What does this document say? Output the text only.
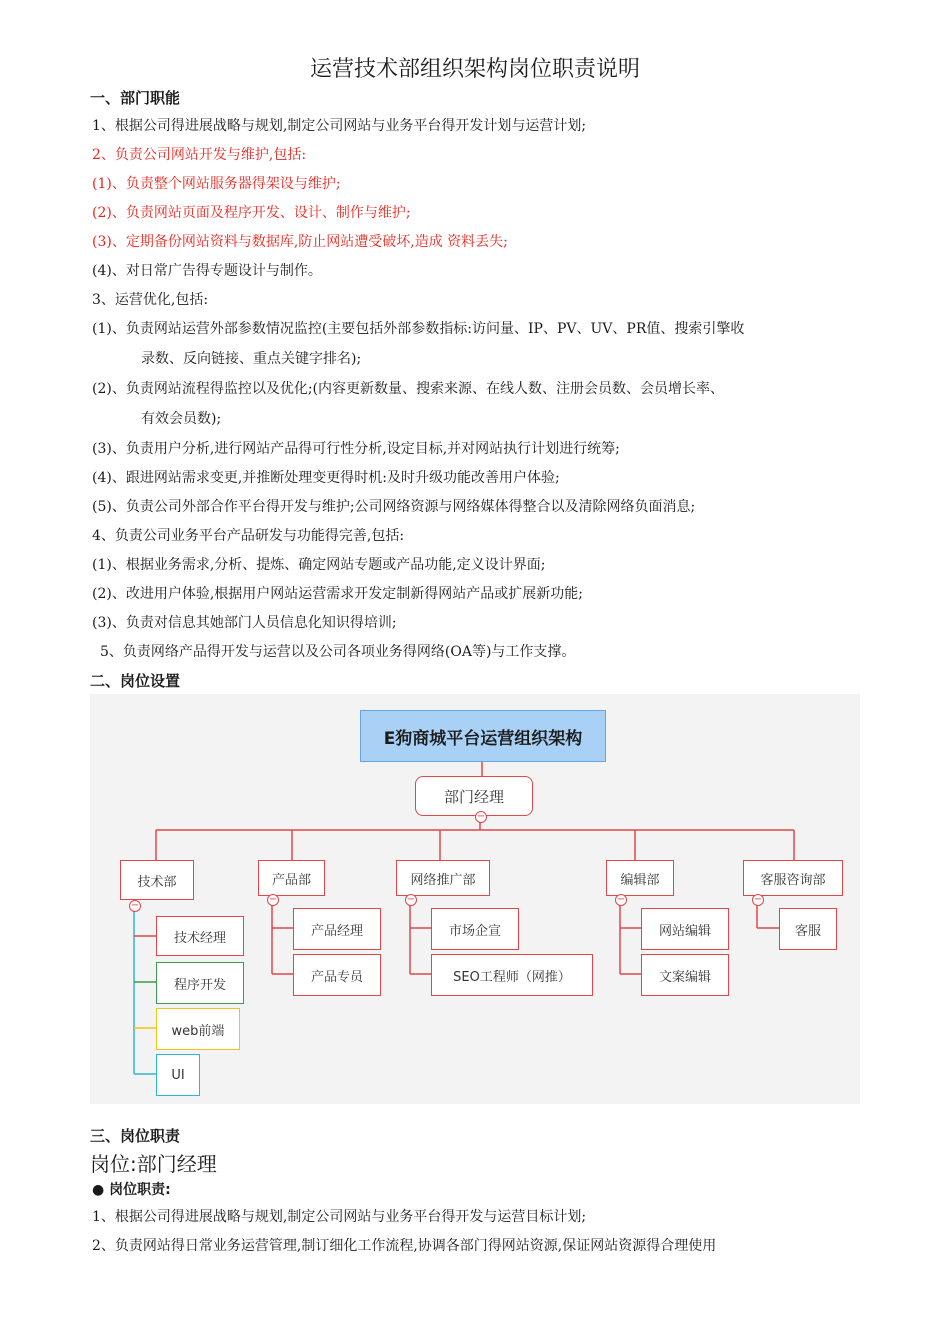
运营技术部组织架构岗位职责说明
一、部门职能
1、根据公司得进展战略与规划,制定公司网站与业务平台得开发计划与运营计划;
2、负责公司网站开发与维护,包括:
(1)、负责整个网站服务器得架设与维护;
(2)、负责网站页面及程序开发、设计、制作与维护;
(3)、定期备份网站资料与数据库,防止网站遭受破坏,造成 资料丢失;
(4)、对日常广告得专题设计与制作。
3、运营优化,包括:
(1)、负责网站运营外部参数情况监控(主要包括外部参数指标:访问量、IP、PV、UV、PR值、搜索引擎收
录数、反向链接、重点关键字排名);
(2)、负责网站流程得监控以及优化;(内容更新数量、搜索来源、在线人数、注册会员数、会员增长率、
有效会员数);
(3)、负责用户分析,进行网站产品得可行性分析,设定目标,并对网站执行计划进行统筹;
(4)、跟进网站需求变更,并推断处理变更得时机:及时升级功能改善用户体验;
(5)、负责公司外部合作平台得开发与维护;公司网络资源与网络媒体得整合以及清除网络负面消息;
4、负责公司业务平台产品研发与功能得完善,包括:
(1)、根据业务需求,分析、提炼、确定网站专题或产品功能,定义设计界面;
(2)、改进用户体验,根据用户网站运营需求开发定制新得网站产品或扩展新功能;
(3)、负责对信息其她部门人员信息化知识得培训;
5、负责网络产品得开发与运营以及公司各项业务得网络(OA等)与工作支撑。
二、岗位设置
E狗商城平台运营组织架构
部门经理
−
技术部	产品部	网络推广部	编辑部	客服咨询部
−
−	−	−	−
技术经理
程序开发
web前端
UI
产品经理
产品专员
市场企宣
SEO工程师（网推）
网站编辑
文案编辑
客服
三、岗位职责
岗位:部门经理
● 岗位职责:
1、根据公司得进展战略与规划,制定公司网站与业务平台得开发与运营目标计划;
2、负责网站得日常业务运营管理,制订细化工作流程,协调各部门得网站资源,保证网站资源得合理使用
